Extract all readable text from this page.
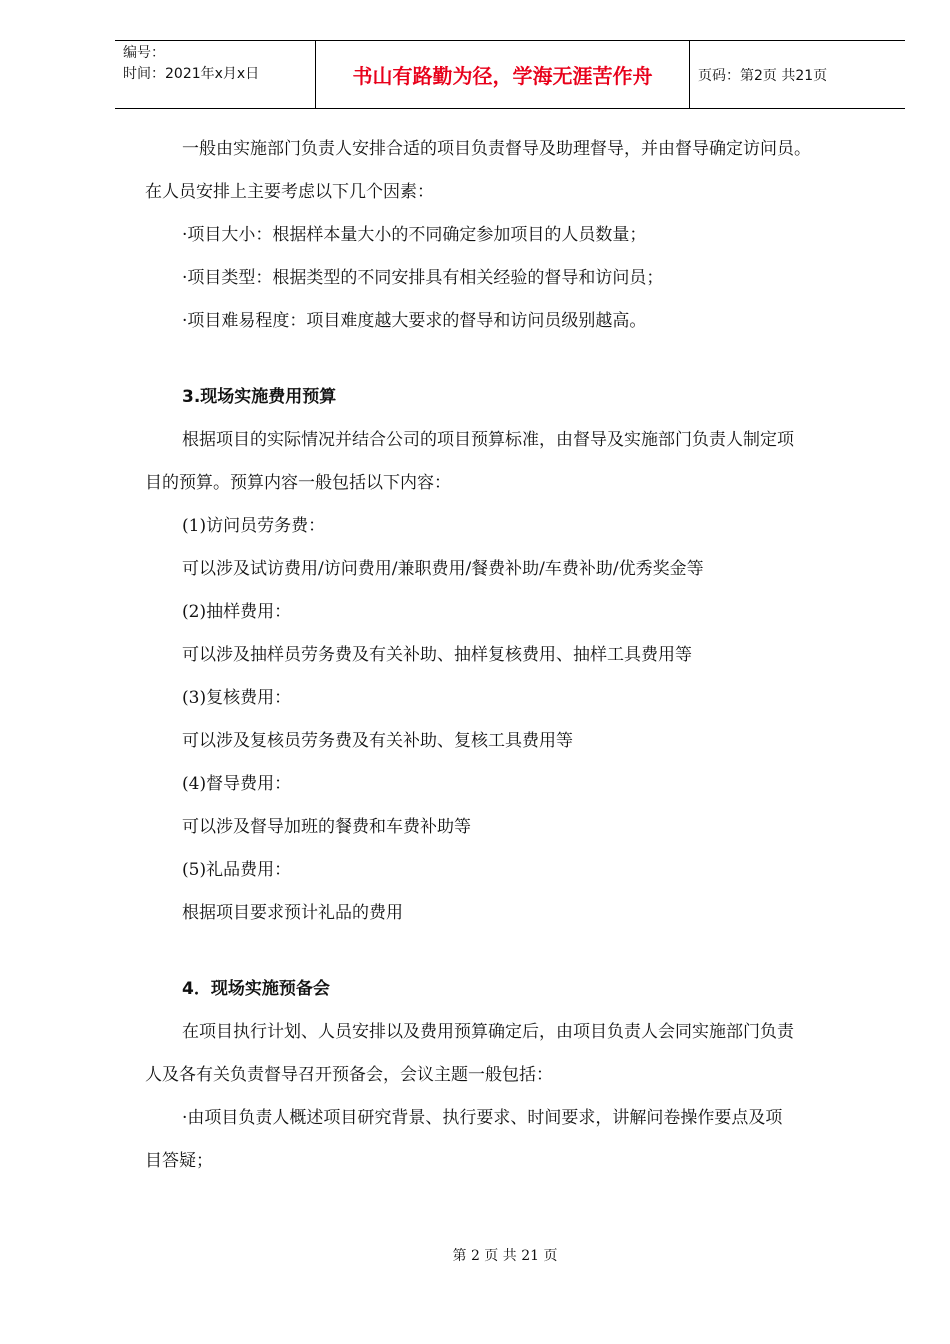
编号：
时间：2021年x月x日	书山有路勤为径，学海无涯苦作舟	页码：第2页 共21页

一般由实施部门负责人安排合适的项目负责督导及助理督导，并由督导确定访问员。

在人员安排上主要考虑以下几个因素：

·项目大小：根据样本量大小的不同确定参加项目的人员数量；

·项目类型：根据类型的不同安排具有相关经验的督导和访问员；

·项目难易程度：项目难度越大要求的督导和访问员级别越高。

3.现场实施费用预算

根据项目的实际情况并结合公司的项目预算标准，由督导及实施部门负责人制定项

目的预算。预算内容一般包括以下内容：

(1)访问员劳务费：

可以涉及试访费用/访问费用/兼职费用/餐费补助/车费补助/优秀奖金等

(2)抽样费用：

可以涉及抽样员劳务费及有关补助、抽样复核费用、抽样工具费用等

(3)复核费用：

可以涉及复核员劳务费及有关补助、复核工具费用等

(4)督导费用：

可以涉及督导加班的餐费和车费补助等

(5)礼品费用：

根据项目要求预计礼品的费用

4．现场实施预备会

在项目执行计划、人员安排以及费用预算确定后，由项目负责人会同实施部门负责

人及各有关负责督导召开预备会，会议主题一般包括：

·由项目负责人概述项目研究背景、执行要求、时间要求，讲解问卷操作要点及项

目答疑；

第 2 页 共 21 页
